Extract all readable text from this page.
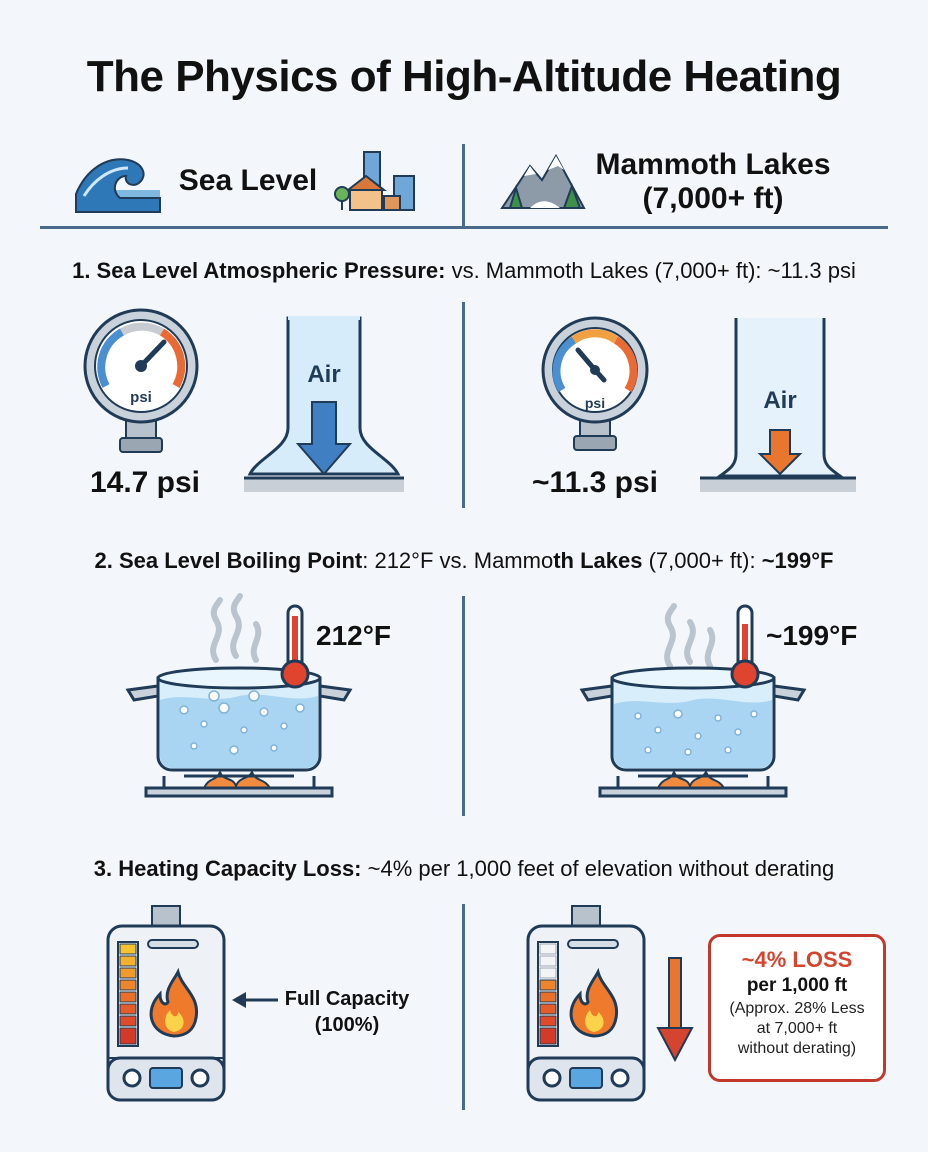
The Physics of High-Altitude Heating
Sea Level	Mammoth Lakes
(7,000+ ft)
1. Sea Level Atmospheric Pressure: vs. Mammoth Lakes (7,000+ ft): ~11.3 psi
psi
14.7 psi
Air
psi
~11.3 psi
Air
2. Sea Level Boiling Point: 212°F vs. Mammoth Lakes (7,000+ ft): ~199°F
212°F	~199°F
3. Heating Capacity Loss: ~4% per 1,000 feet of elevation without derating
Full Capacity
(100%)
~4% LOSS
per 1,000 ft
(Approx. 28% Less
at 7,000+ ft
without derating)
